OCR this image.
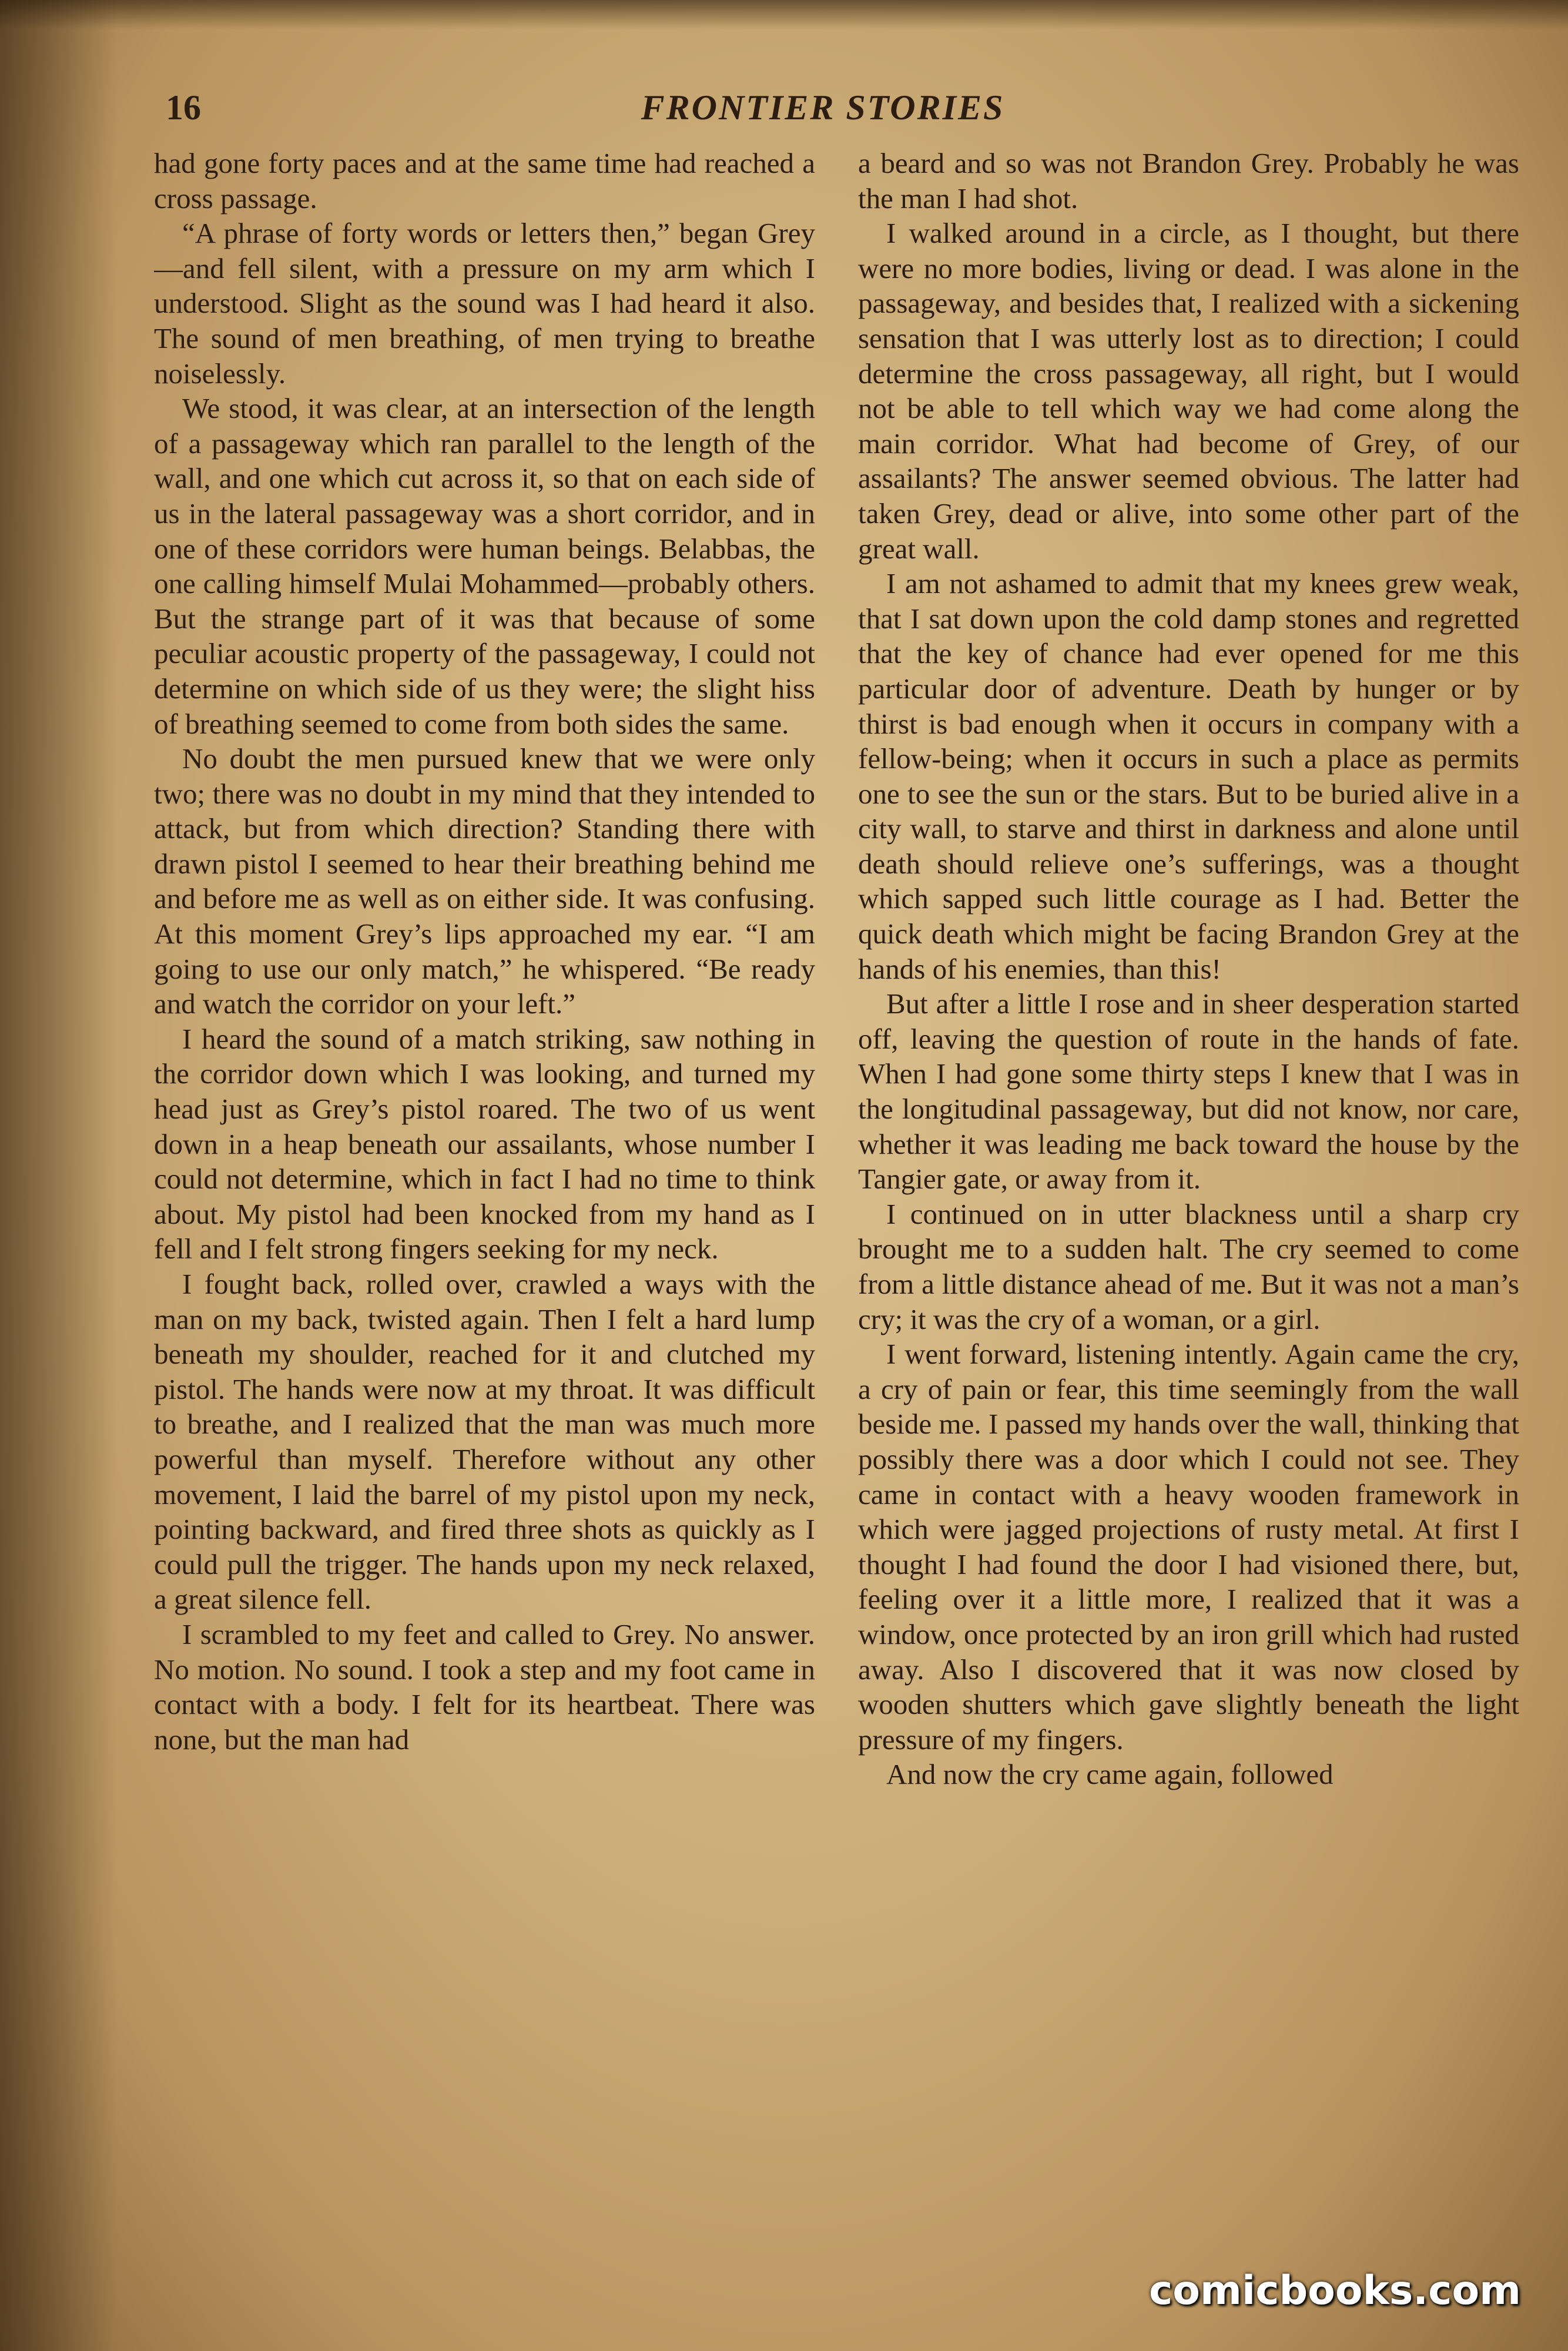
16	FRONTIER STORIES

had gone forty paces and at the same time had reached a cross passage.

“A phrase of forty words or letters then,” began Grey—and fell silent, with a pressure on my arm which I understood. Slight as the sound was I had heard it also. The sound of men breathing, of men trying to breathe noiselessly.

We stood, it was clear, at an intersection of the length of a passageway which ran parallel to the length of the wall, and one which cut across it, so that on each side of us in the lateral passageway was a short corridor, and in one of these corridors were human beings. Belabbas, the one calling himself Mulai Mohammed—probably others. But the strange part of it was that because of some peculiar acoustic property of the passageway, I could not determine on which side of us they were; the slight hiss of breathing seemed to come from both sides the same.

No doubt the men pursued knew that we were only two; there was no doubt in my mind that they intended to attack, but from which direction? Standing there with drawn pistol I seemed to hear their breathing behind me and before me as well as on either side. It was confusing. At this moment Grey’s lips approached my ear. “I am going to use our only match,” he whispered. “Be ready and watch the corridor on your left.”

I heard the sound of a match striking, saw nothing in the corridor down which I was looking, and turned my head just as Grey’s pistol roared. The two of us went down in a heap beneath our assailants, whose number I could not determine, which in fact I had no time to think about. My pistol had been knocked from my hand as I fell and I felt strong fingers seeking for my neck.

I fought back, rolled over, crawled a ways with the man on my back, twisted again. Then I felt a hard lump beneath my shoulder, reached for it and clutched my pistol. The hands were now at my throat. It was difficult to breathe, and I realized that the man was much more powerful than myself. Therefore without any other movement, I laid the barrel of my pistol upon my neck, pointing backward, and fired three shots as quickly as I could pull the trigger. The hands upon my neck relaxed, a great silence fell.

I scrambled to my feet and called to Grey. No answer. No motion. No sound. I took a step and my foot came in contact with a body. I felt for its heartbeat. There was none, but the man had

a beard and so was not Brandon Grey. Probably he was the man I had shot.

I walked around in a circle, as I thought, but there were no more bodies, living or dead. I was alone in the passageway, and besides that, I realized with a sickening sensation that I was utterly lost as to direction; I could determine the cross passageway, all right, but I would not be able to tell which way we had come along the main corridor. What had become of Grey, of our assailants? The answer seemed obvious. The latter had taken Grey, dead or alive, into some other part of the great wall.

I am not ashamed to admit that my knees grew weak, that I sat down upon the cold damp stones and regretted that the key of chance had ever opened for me this particular door of adventure. Death by hunger or by thirst is bad enough when it occurs in company with a fellow-being; when it occurs in such a place as permits one to see the sun or the stars. But to be buried alive in a city wall, to starve and thirst in darkness and alone until death should relieve one’s sufferings, was a thought which sapped such little courage as I had. Better the quick death which might be facing Brandon Grey at the hands of his enemies, than this!

But after a little I rose and in sheer desperation started off, leaving the question of route in the hands of fate. When I had gone some thirty steps I knew that I was in the longitudinal passageway, but did not know, nor care, whether it was leading me back toward the house by the Tangier gate, or away from it.

I continued on in utter blackness until a sharp cry brought me to a sudden halt. The cry seemed to come from a little distance ahead of me. But it was not a man’s cry; it was the cry of a woman, or a girl.

I went forward, listening intently. Again came the cry, a cry of pain or fear, this time seemingly from the wall beside me. I passed my hands over the wall, thinking that possibly there was a door which I could not see. They came in contact with a heavy wooden framework in which were jagged projections of rusty metal. At first I thought I had found the door I had visioned there, but, feeling over it a little more, I realized that it was a window, once protected by an iron grill which had rusted away. Also I discovered that it was now closed by wooden shutters which gave slightly beneath the light pressure of my fingers.

And now the cry came again, followed

comicbooks.com
